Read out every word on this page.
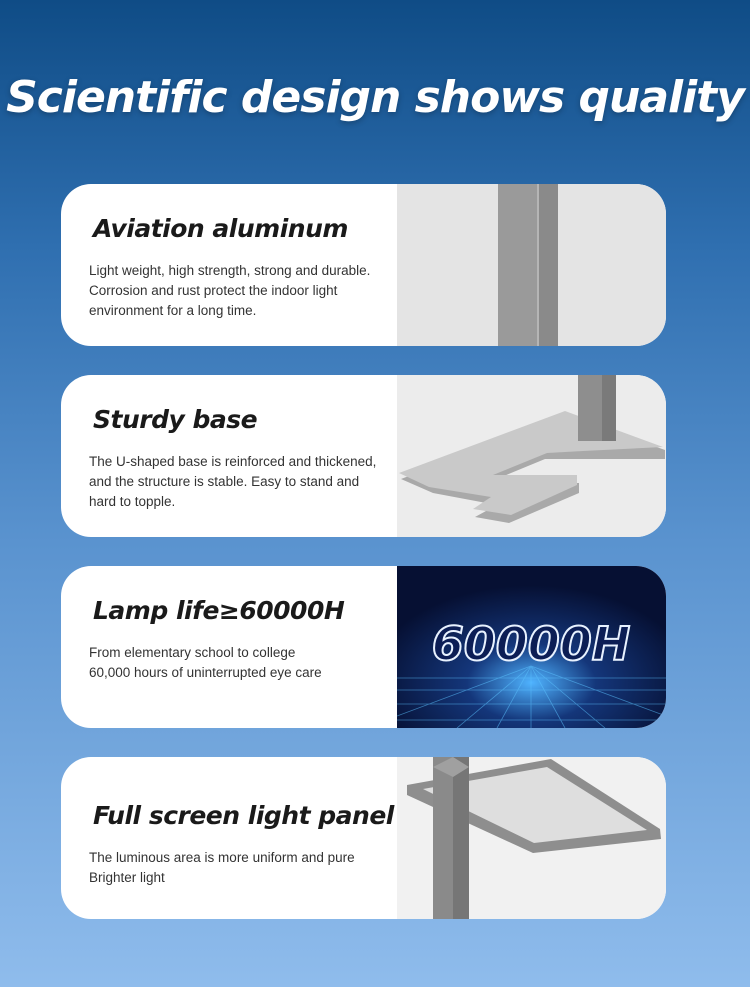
Scientific design shows quality
Aviation aluminum

Light weight, high strength, strong and durable.
Corrosion and rust protect the indoor light
environment for a long time.

Sturdy base

The U-shaped base is reinforced and thickened,
and the structure is stable. Easy to stand and
hard to topple.

Lamp life≥60000H

From elementary school to college
60,000 hours of uninterrupted eye care

60000H
Full screen light panel

The luminous area is more uniform and pure
Brighter light
